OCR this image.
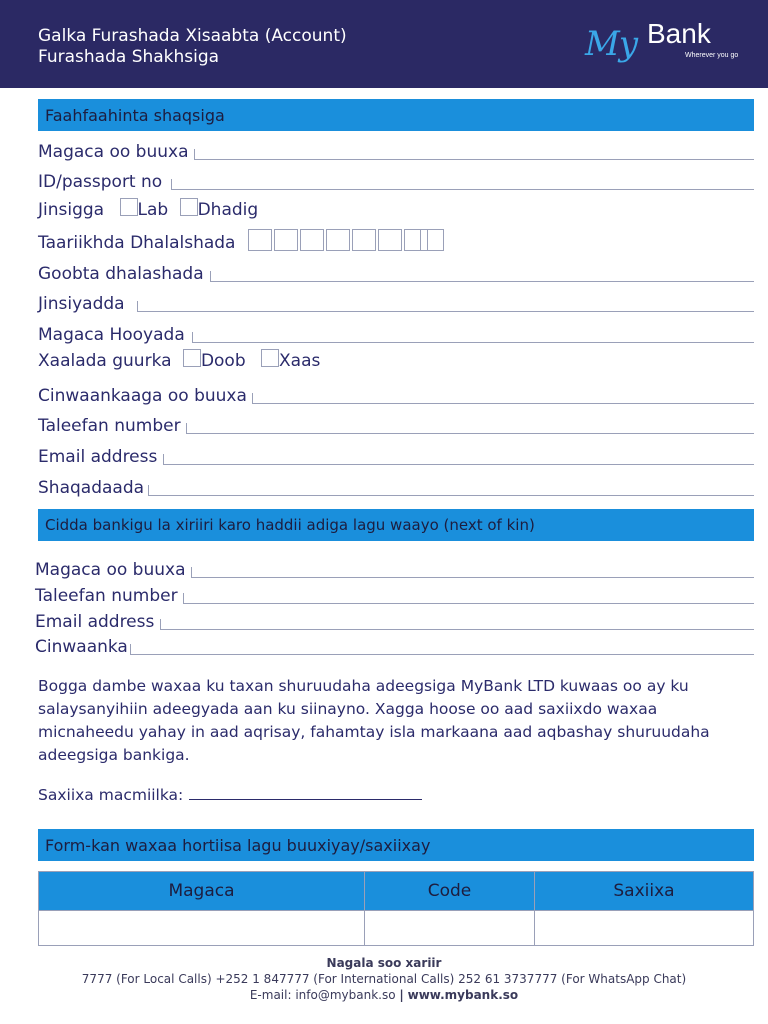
Galka Furashada Xisaabta (Account)
Furashada Shakhsiga	My Bank
Wherever you go
Faahfaahinta shaqsiga
Magaca oo buuxa
ID/passport no
Jinsigga Lab Dhadig
Taariikhda Dhalalshada
Goobta dhalashada
Jinsiyadda
Magaca Hooyada
Xaalada guurka Doob Xaas
Cinwaankaaga oo buuxa
Taleefan number
Email address
Shaqadaada
Cidda bankigu la xiriiri karo haddii adiga lagu waayo (next of kin)
Magaca oo buuxa
Taleefan number
Email address
Cinwaanka
Bogga dambe waxaa ku taxan shuruudaha adeegsiga MyBank LTD kuwaas oo ay ku salaysanyihiin adeegyada aan ku siinayno. Xagga hoose oo aad saxiixdo waxaa micnaheedu yahay in aad aqrisay, fahamtay isla markaana aad aqbashay shuruudaha adeegsiga bankiga.
Saxiixa macmiilka:
Form-kan waxaa hortiisa lagu buuxiyay/saxiixay
Magaca	Code	Saxiixa

Nagala soo xariir
7777 (For Local Calls) +252 1 847777 (For International Calls) 252 61 3737777 (For WhatsApp Chat)
E-mail: info@mybank.so | www.mybank.so
